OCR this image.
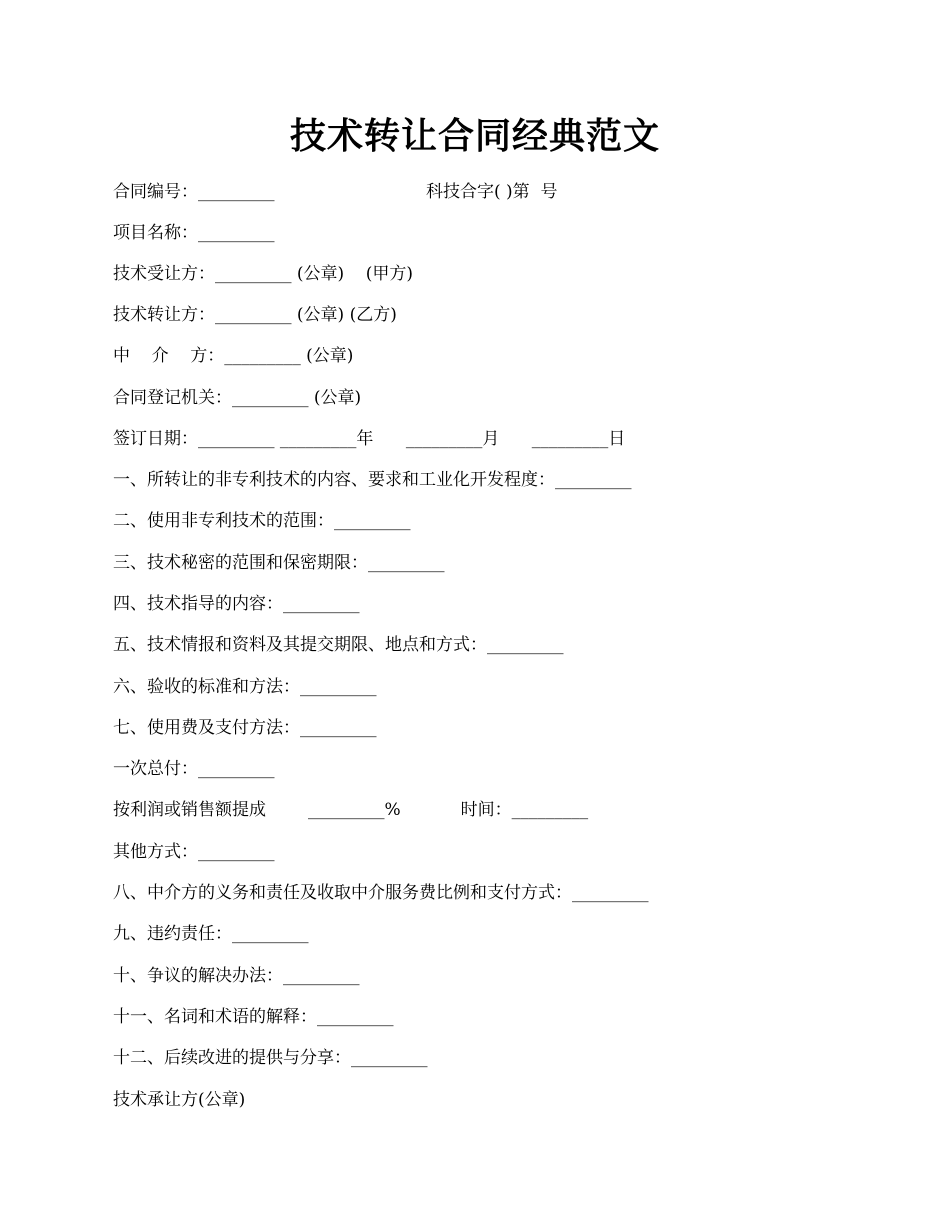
技术转让合同经典范文
合同编号：_________	科技合字( )第  号
项目名称：_________
技术受让方：_________ (公章)    (甲方)
技术转让方：_________ (公章) (乙方)
中    介    方：_________ (公章)
合同登记机关：_________ (公章)
签订日期：_________ _________年      _________月      _________日
一、所转让的非专利技术的内容、要求和工业化开发程度：_________
二、使用非专利技术的范围：_________
三、技术秘密的范围和保密期限：_________
四、技术指导的内容：_________
五、技术情报和资料及其提交期限、地点和方式：_________
六、验收的标准和方法：_________
七、使用费及支付方法：_________
一次总付：_________
按利润或销售额提成 _________%	时间：_________
其他方式：_________
八、中介方的义务和责任及收取中介服务费比例和支付方式：_________
九、违约责任：_________
十、争议的解决办法：_________
十一、名词和术语的解释：_________
十二、后续改进的提供与分享：_________
技术承让方(公章)
